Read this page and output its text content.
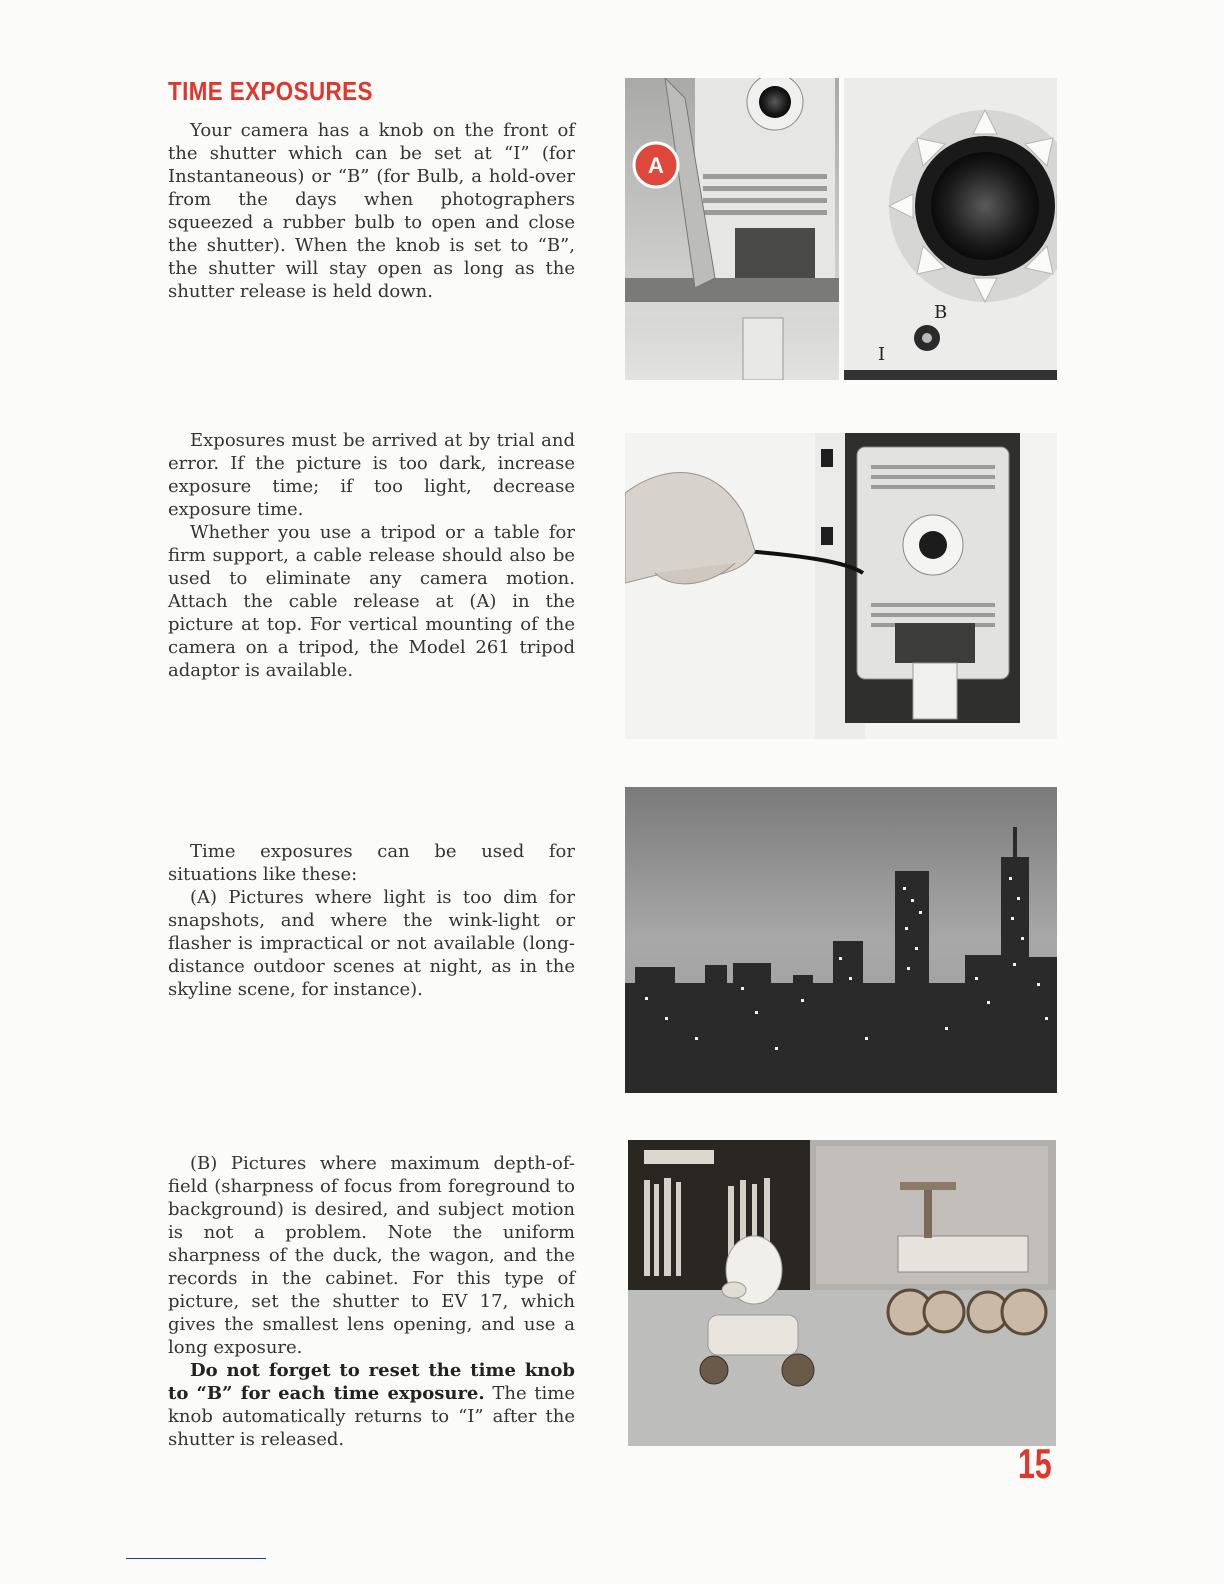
TIME EXPOSURES

Your camera has a knob on the front of the shutter which can be set at “I” (for Instantaneous) or “B” (for Bulb, a hold-over from the days when photographers squeezed a rubber bulb to open and close the shutter). When the knob is set to “B”, the shutter will stay open as long as the shutter release is held down.

Exposures must be arrived at by trial and error. If the picture is too dark, increase exposure time; if too light, decrease exposure time.

Whether you use a tripod or a table for firm support, a cable release should also be used to eliminate any camera motion. Attach the cable release at (A) in the picture at top. For vertical mounting of the camera on a tripod, the Model 261 tripod adaptor is available.

Time exposures can be used for situations like these:

(A) Pictures where light is too dim for snapshots, and where the wink-light or flasher is impractical or not available (long-distance outdoor scenes at night, as in the skyline scene, for instance).

(B) Pictures where maximum depth-of-field (sharpness of focus from foreground to background) is desired, and subject motion is not a problem. Note the uniform sharpness of the duck, the wagon, and the records in the cabinet. For this type of picture, set the shutter to EV 17, which gives the smallest lens opening, and use a long exposure.

Do not forget to reset the time knob to “B” for each time exposure. The time knob automatically returns to “I” after the shutter is released.

A
B
I
15
